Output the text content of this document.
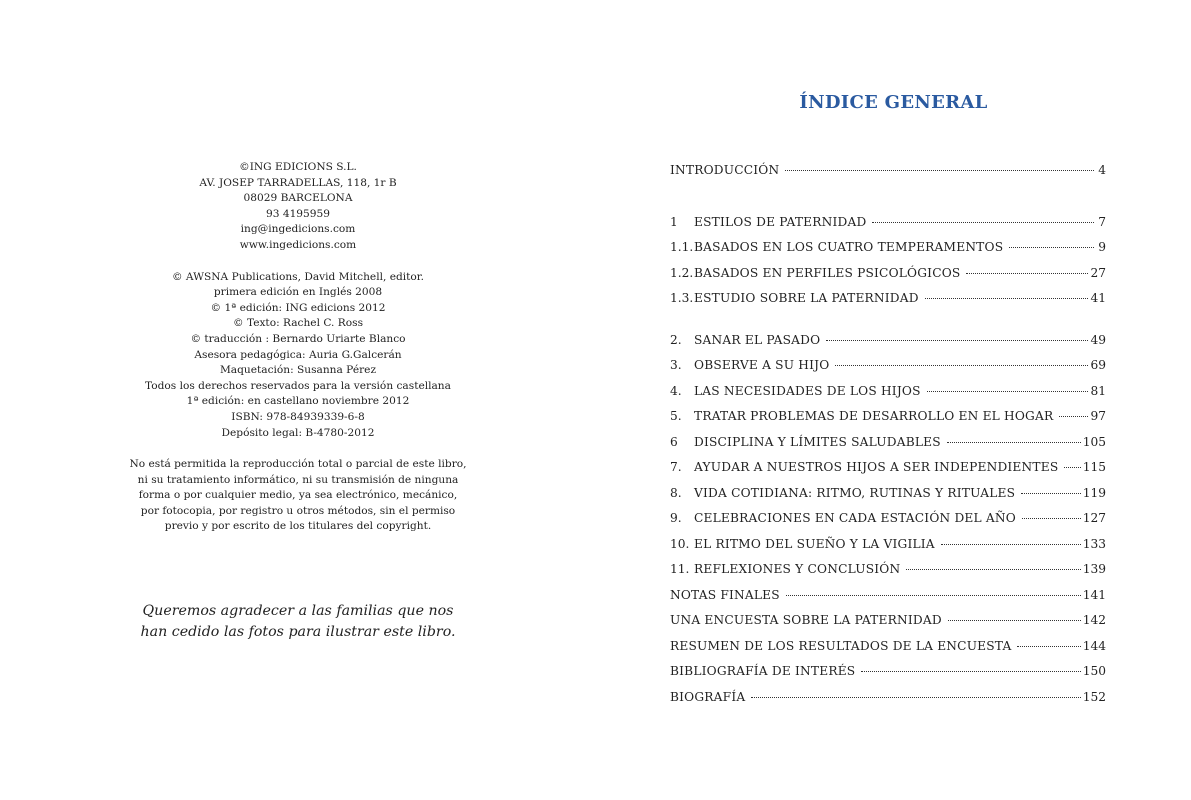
©ING EDICIONS S.L.
AV. JOSEP TARRADELLAS, 118, 1r B
08029 BARCELONA
93 4195959
ing@ingedicions.com
www.ingedicions.com
© AWSNA Publications, David Mitchell, editor.
primera edición en Inglés 2008
© 1ª edición: ING edicions 2012
© Texto: Rachel C. Ross
© traducción : Bernardo Uriarte Blanco
Asesora pedagógica: Auria G.Galcerán
Maquetación: Susanna Pérez
Todos los derechos reservados para la versión castellana
1ª edición: en castellano noviembre 2012
ISBN: 978-84939339-6-8
Depósito legal: B-4780-2012
No está permitida la reproducción total o parcial de este libro,
ni su tratamiento informático, ni su transmisión de ninguna
forma o por cualquier medio, ya sea electrónico, mecánico,
por fotocopia, por registro u otros métodos, sin el permiso
previo y por escrito de los titulares del copyright.
Queremos agradecer a las familias que nos
han cedido las fotos para ilustrar este libro.
ÍNDICE GENERAL
INTRODUCCIÓN	4
1	ESTILOS DE PATERNIDAD	7
1.1. BASADOS EN LOS CUATRO TEMPERAMENTOS	9
1.2. BASADOS EN PERFILES PSICOLÓGICOS	27
1.3. ESTUDIO SOBRE LA PATERNIDAD	41
2.	SANAR EL PASADO	49
3.	OBSERVE A SU HIJO	69
4.	LAS NECESIDADES DE LOS HIJOS	81
5.	TRATAR PROBLEMAS DE DESARROLLO EN EL HOGAR	97
6	DISCIPLINA Y LÍMITES SALUDABLES	105
7.	AYUDAR A NUESTROS HIJOS A SER INDEPENDIENTES 115
8.	VIDA COTIDIANA: RITMO, RUTINAS Y RITUALES	119
9.	CELEBRACIONES EN CADA ESTACIÓN DEL AÑO	127
10. EL RITMO DEL SUEÑO Y LA VIGILIA	133
11. REFLEXIONES Y CONCLUSIÓN	139
NOTAS FINALES	141
UNA ENCUESTA SOBRE LA PATERNIDAD	142
RESUMEN DE LOS RESULTADOS DE LA ENCUESTA	144
BIBLIOGRAFÍA DE INTERÉS	150
BIOGRAFÍA	152
